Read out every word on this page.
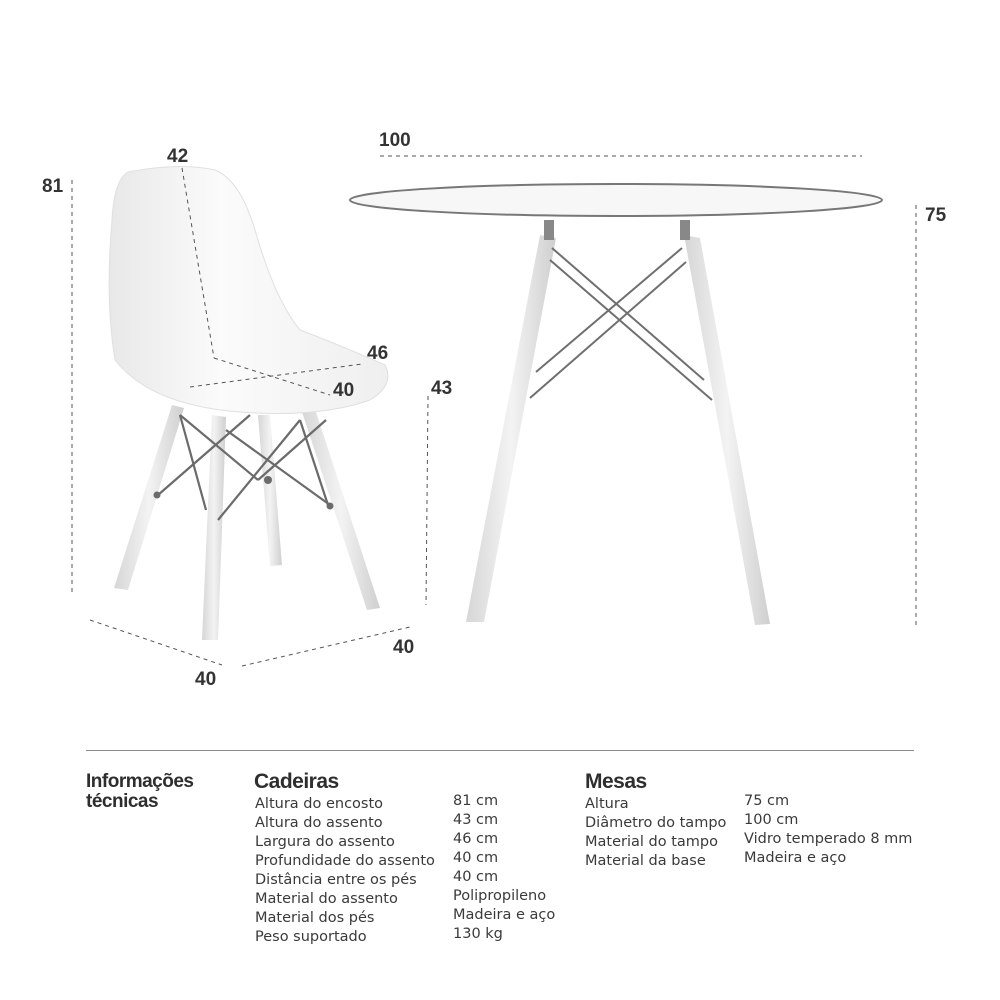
81
42
46
40	43
40
40
100
75
Informações
técnicas
Cadeiras
Altura do encosto
Altura do assento
Largura do assento
Profundidade do assento
Distância entre os pés
Material do assento
Material dos pés
Peso suportado
81 cm
43 cm
46 cm
40 cm
40 cm
Polipropileno
Madeira e aço
130 kg
Mesas
Altura
Diâmetro do tampo
Material do tampo
Material da base
75 cm
100 cm
Vidro temperado 8 mm
Madeira e aço
